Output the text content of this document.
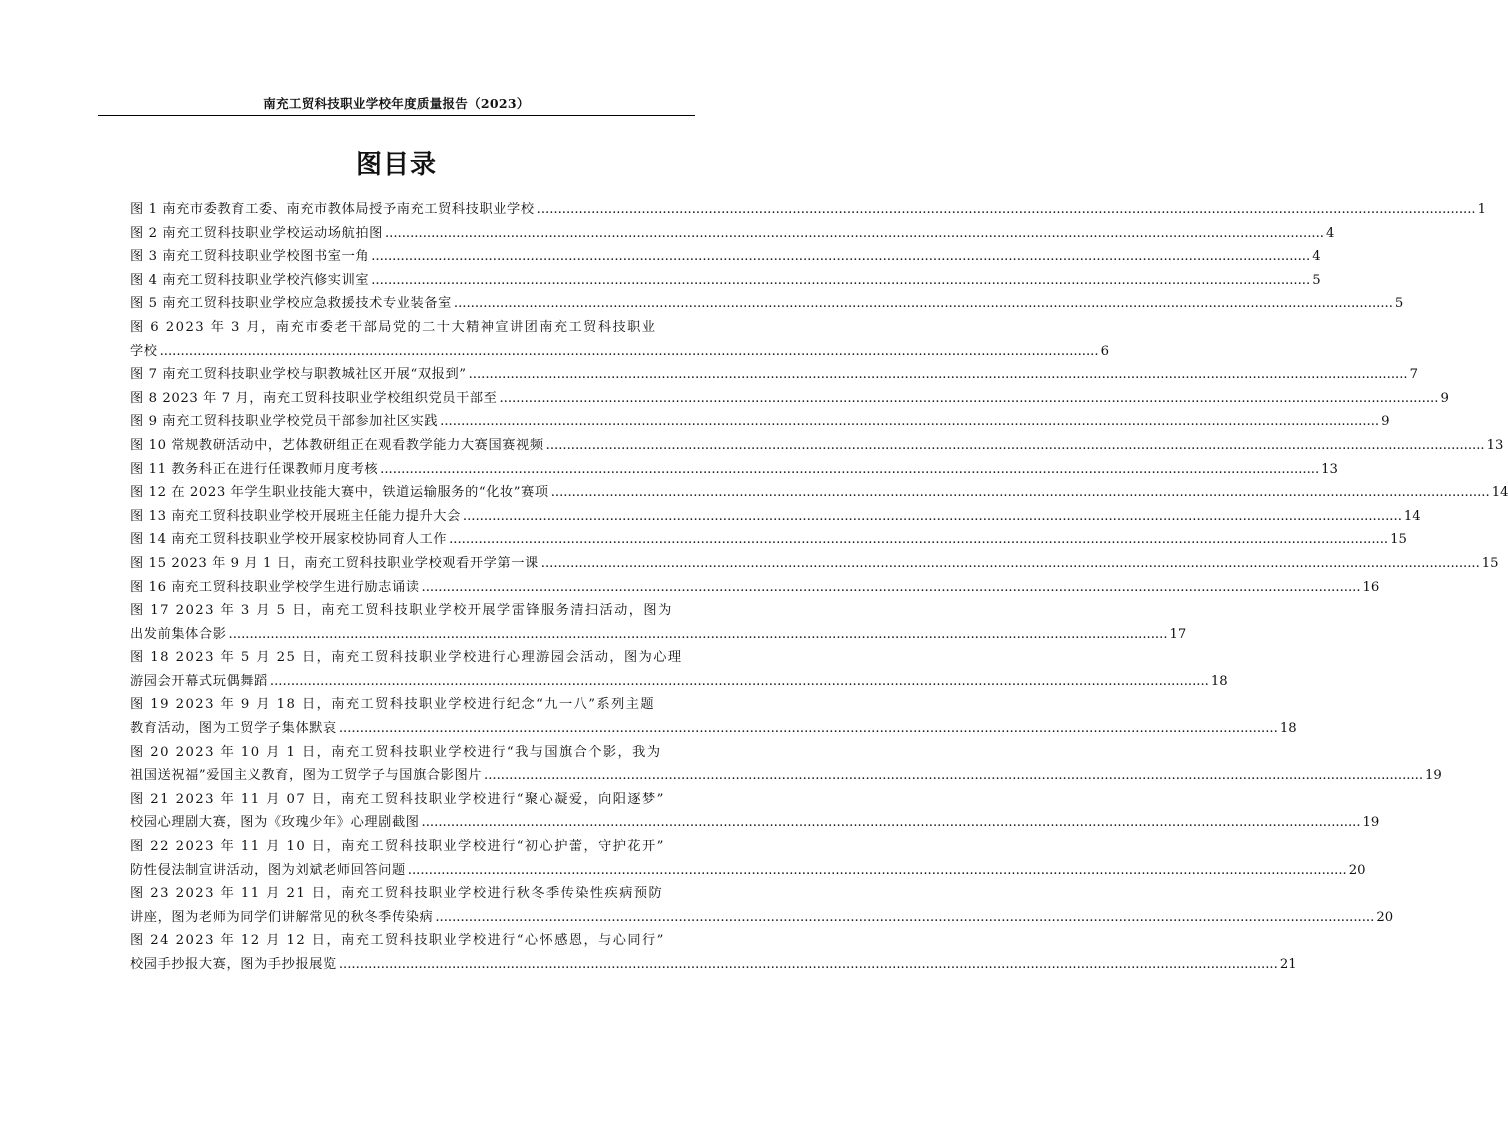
南充工贸科技职业学校年度质量报告（2023）
图目录
图 1 南充市委教育工委、南充市教体局授予南充工贸科技职业学校 .....	1
图 2 南充工贸科技职业学校运动场航拍图 .....	4
图 3 南充工贸科技职业学校图书室一角 .....	4
图 4 南充工贸科技职业学校汽修实训室 .....	5
图 5 南充工贸科技职业学校应急救援技术专业装备室 .....	5
图 6 2023 年 3 月，南充市委老干部局党的二十大精神宣讲团南充工贸科技职业
学校 .....	6
图 7 南充工贸科技职业学校与职教城社区开展“双报到” .....	7
图 8 2023 年 7 月，南充工贸科技职业学校组织党员干部至 .....	9
图 9 南充工贸科技职业学校党员干部参加社区实践 .....	9
图 10 常规教研活动中，艺体教研组正在观看教学能力大赛国赛视频 .....	13
图 11 教务科正在进行任课教师月度考核 .....	13
图 12 在 2023 年学生职业技能大赛中，铁道运输服务的“化妆”赛项 .....	14
图 13 南充工贸科技职业学校开展班主任能力提升大会 .....	14
图 14 南充工贸科技职业学校开展家校协同育人工作 .....	15
图 15 2023 年 9 月 1 日，南充工贸科技职业学校观看开学第一课 .....	15
图 16 南充工贸科技职业学校学生进行励志诵读 .....	16
图 17 2023 年 3 月 5 日，南充工贸科技职业学校开展学雷锋服务清扫活动，图为
出发前集体合影 .....	17
图 18 2023 年 5 月 25 日，南充工贸科技职业学校进行心理游园会活动，图为心理
游园会开幕式玩偶舞蹈 .....	18
图 19 2023 年 9 月 18 日，南充工贸科技职业学校进行纪念“九一八”系列主题
教育活动，图为工贸学子集体默哀 .....	18
图 20 2023 年 10 月 1 日，南充工贸科技职业学校进行“我与国旗合个影，我为
祖国送祝福”爱国主义教育，图为工贸学子与国旗合影图片 .....	19
图 21 2023 年 11 月 07 日，南充工贸科技职业学校进行“聚心凝爱，向阳逐梦”
校园心理剧大赛，图为《玫瑰少年》心理剧截图 .....	19
图 22 2023 年 11 月 10 日，南充工贸科技职业学校进行“初心护蕾，守护花开”
防性侵法制宣讲活动，图为刘斌老师回答问题 .....	20
图 23 2023 年 11 月 21 日，南充工贸科技职业学校进行秋冬季传染性疾病预防
讲座，图为老师为同学们讲解常见的秋冬季传染病 .....	20
图 24 2023 年 12 月 12 日，南充工贸科技职业学校进行“心怀感恩，与心同行”
校园手抄报大赛，图为手抄报展览 .....	21
